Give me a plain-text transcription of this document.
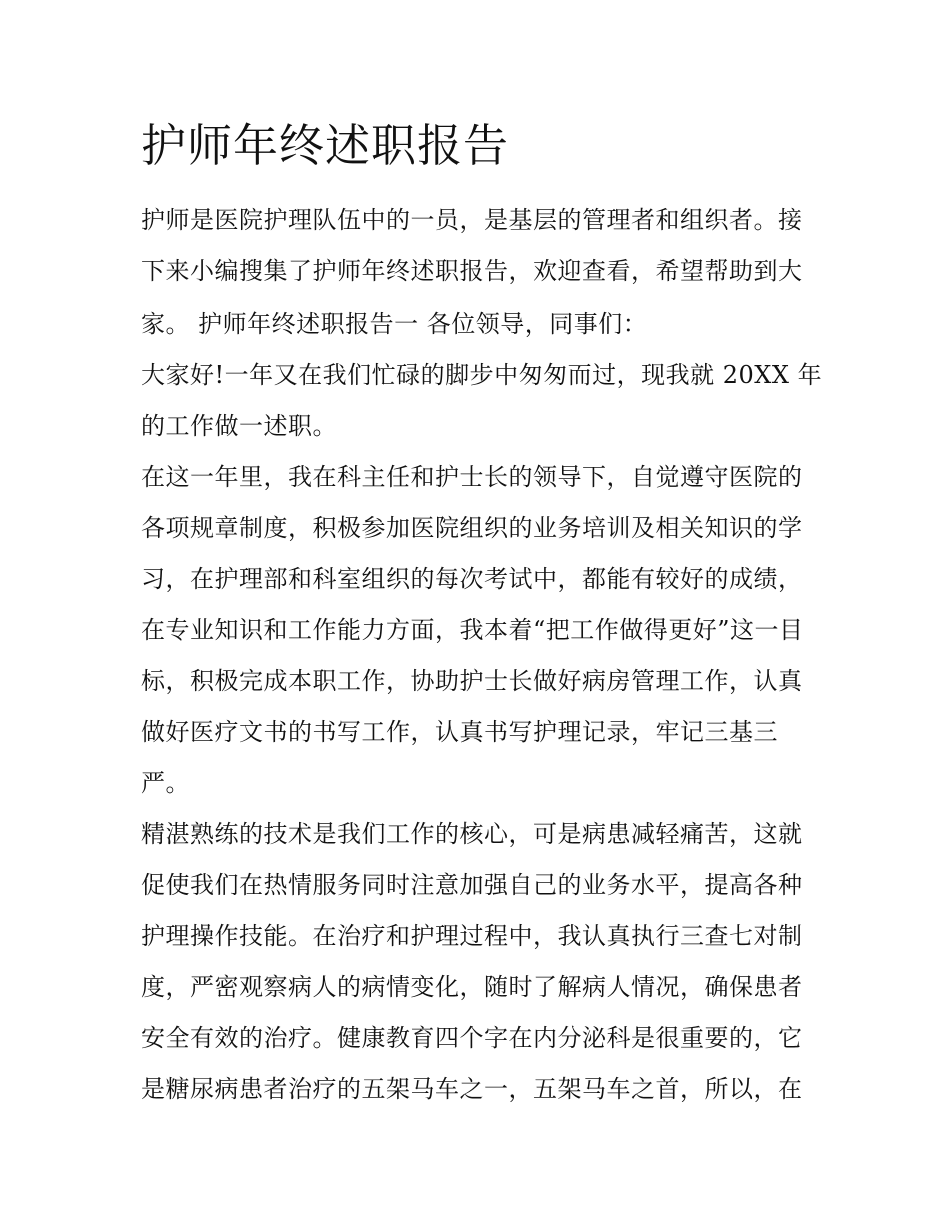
护师年终述职报告

护师是医院护理队伍中的一员，是基层的管理者和组织者。接

下来小编搜集了护师年终述职报告，欢迎查看，希望帮助到大

家。 护师年终述职报告一 各位领导，同事们：

大家好!一年又在我们忙碌的脚步中匆匆而过，现我就 20XX 年

的工作做一述职。

在这一年里，我在科主任和护士长的领导下，自觉遵守医院的

各项规章制度，积极参加医院组织的业务培训及相关知识的学

习，在护理部和科室组织的每次考试中，都能有较好的成绩，

在专业知识和工作能力方面，我本着“把工作做得更好”这一目

标，积极完成本职工作，协助护士长做好病房管理工作，认真

做好医疗文书的书写工作，认真书写护理记录，牢记三基三

严。

精湛熟练的技术是我们工作的核心，可是病患减轻痛苦，这就

促使我们在热情服务同时注意加强自己的业务水平，提高各种

护理操作技能。在治疗和护理过程中，我认真执行三查七对制

度，严密观察病人的病情变化，随时了解病人情况，确保患者

安全有效的治疗。健康教育四个字在内分泌科是很重要的，它

是糖尿病患者治疗的五架马车之一，五架马车之首，所以，在
